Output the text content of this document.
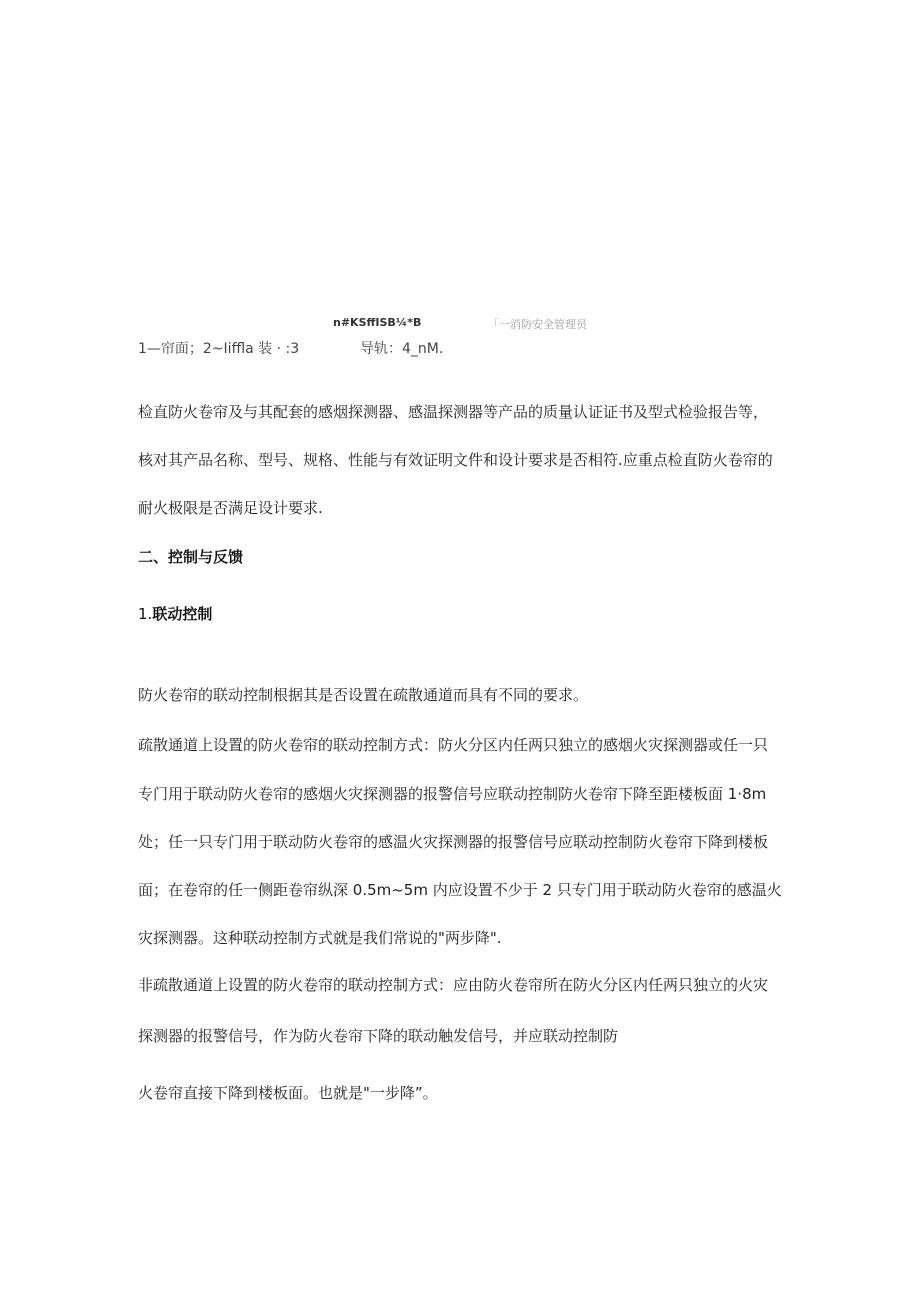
n#KSffISB¼*B	「一消防安全管理员
1—帘面；2~Iiffla 装 · :3	导轨：4_nM.
检直防火卷帘及与其配套的感烟探测器、感温探测器等产品的质量认证证书及型式检验报告等，
核对其产品名称、型号、规格、性能与有效证明文件和设计要求是否相符.应重点检直防火卷帘的
耐火极限是否满足设计要求.
二、控制与反馈
1.联动控制
防火卷帘的联动控制根据其是否设置在疏散通道而具有不同的要求。
疏散通道上设置的防火卷帘的联动控制方式：防火分区内任两只独立的感烟火灾探测器或任一只
专门用于联动防火卷帘的感烟火灾探测器的报警信号应联动控制防火卷帘下降至距楼板面 1·8m
处；任一只专门用于联动防火卷帘的感温火灾探测器的报警信号应联动控制防火卷帘下降到楼板
面；在卷帘的任一侧距卷帘纵深 0.5m~5m 内应设置不少于 2 只专门用于联动防火卷帘的感温火
灾探测器。这种联动控制方式就是我们常说的"两步降".
非疏散通道上设置的防火卷帘的联动控制方式：应由防火卷帘所在防火分区内任两只独立的火灾
探测器的报警信号，作为防火卷帘下降的联动触发信号，并应联动控制防
火卷帘直接下降到楼板面。也就是"一步降”。
